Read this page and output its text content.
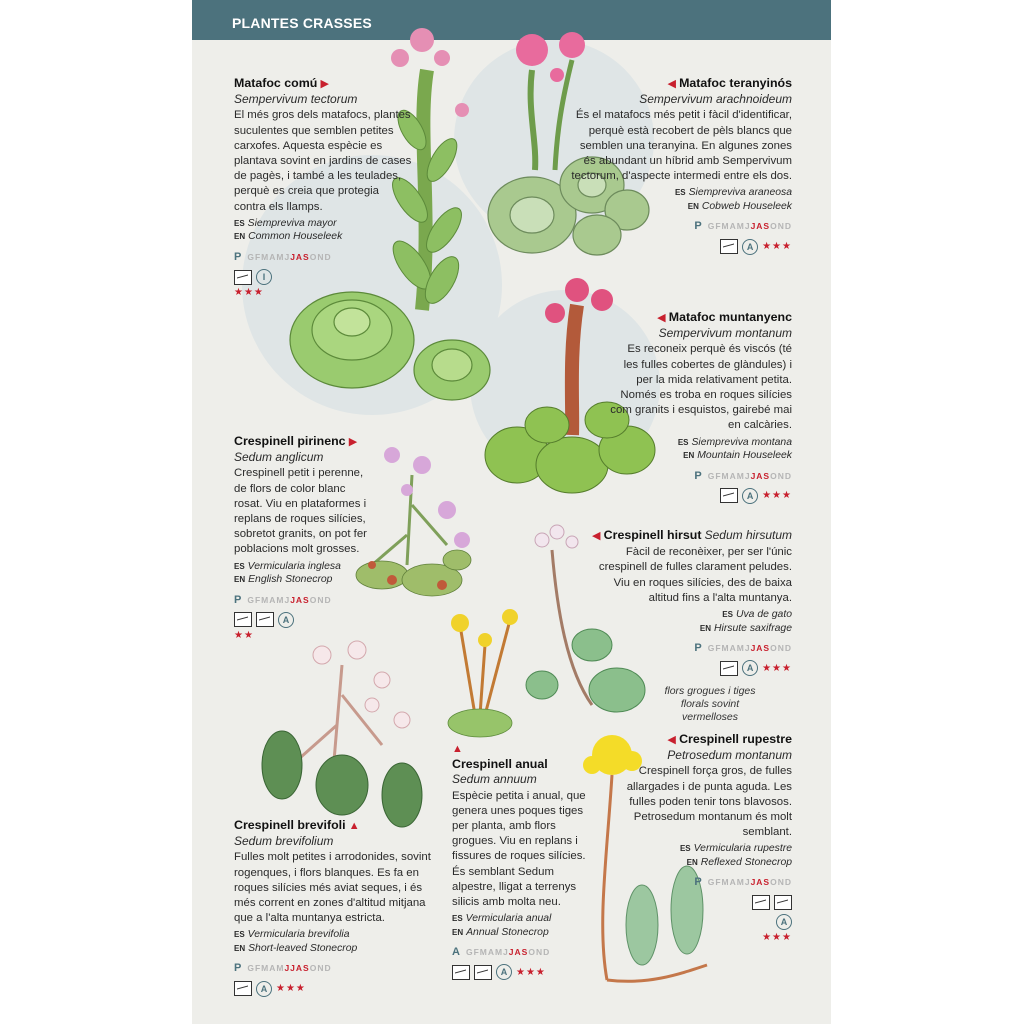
PLANTES CRASSES
Matafoc comú ▶
Sempervivum tectorum
El més gros dels matafocs, plantes suculentes que semblen petites carxofes. Aquesta espècie es plantava sovint en jardins de cases de pagès, i també a les teulades, perquè es creia que protegia contra els llamps.
ES Siempreviva mayor
EN Common Houseleek
P GFMAMJJASOND
I
★★★
◀ Matafoc teranyinós
Sempervivum arachnoideum
És el matafocs més petit i fàcil d'identificar, perquè està recobert de pèls blancs que semblen una teranyina. En algunes zones és abundant un híbrid amb Sempervivum tectorum, d'aspecte intermedi entre els dos.
ES Siempreviva araneosa
EN Cobweb Houseleek
P GFMAMJJASOND
A ★★★
◀ Matafoc muntanyenc
Sempervivum montanum
Es reconeix perquè és viscós (té les fulles cobertes de glàndules) i per la mida relativament petita. Només es troba en roques silícies com granits i esquistos, gairebé mai en calcàries.
ES Siempreviva montana
EN Mountain Houseleek
P GFMAMJJASOND
A ★★★
Crespinell pirinenc ▶
Sedum anglicum
Crespinell petit i perenne, de flors de color blanc rosat. Viu en plataformes i replans de roques silícies, sobretot granits, on pot fer poblacions molt grosses.
ES Vermicularia inglesa
EN English Stonecrop
P GFMAMJJASOND
A
★★
◀ Crespinell hirsut Sedum hirsutum
Fàcil de reconèixer, per ser l'únic crespinell de fulles clarament peludes. Viu en roques silícies, des de baixa altitud fins a l'alta muntanya.
ES Uva de gato
EN Hirsute saxifrage
P GFMAMJJASOND
A ★★★
flors grogues i tiges florals sovint vermelloses
▲
Crespinell anual
Sedum annuum
Espècie petita i anual, que genera unes poques tiges per planta, amb flors grogues. Viu en replans i fissures de roques silícies. És semblant Sedum alpestre, lligat a terrenys silicis amb molta neu.
ES Vermicularia anual
EN Annual Stonecrop
A GFMAMJJASOND
A ★★★
◀ Crespinell rupestre
Petrosedum montanum
Crespinell força gros, de fulles allargades i de punta aguda. Les fulles poden tenir tons blavosos. Petrosedum montanum és molt semblant.
ES Vermicularia rupestre
EN Reflexed Stonecrop
P GFMAMJJASOND
A
★★★
Crespinell brevifoli ▲
Sedum brevifolium
Fulles molt petites i arrodonides, sovint rogenques, i flors blanques. Es fa en roques silícies més aviat seques, i és més corrent en zones d'altitud mitjana que a l'alta muntanya estricta.
ES Vermicularia brevifolia
EN Short-leaved Stonecrop
P GFMAMJJASOND
A ★★★
